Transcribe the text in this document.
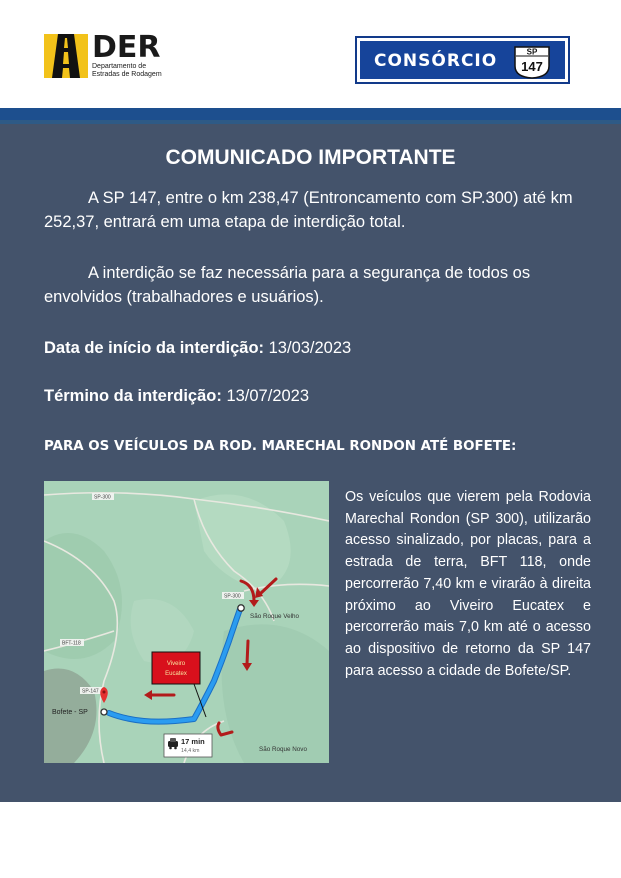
DER
Departamento de Estradas de Rodagem
CONSÓRCIO	SP
147
COMUNICADO IMPORTANTE

A SP 147, entre o km 238,47 (Entroncamento com SP.300) até km 252,37, entrará em uma etapa de interdição total.

A interdição se faz necessária para a segurança de todos os envolvidos (trabalhadores e usuários).

Data de início da interdição: 13/03/2023
Término da interdição: 13/07/2023
PARA OS VEÍCULOS DA ROD. MARECHAL RONDON ATÉ BOFETE:
SP-300
SP-300
BFT-118
SP-147
São Roque Velho
Bofete - SP
São Roque Novo
Viveiro
Eucatex
17 min
14,4 km

Os veículos que vierem pela Rodovia Marechal Rondon (SP 300), utilizarão acesso sinalizado, por placas, para a estrada de terra, BFT 118, onde percorrerão 7,40 km e virarão à direita próximo ao Viveiro Eucatex e percorrerão mais 7,0 km até o acesso ao dispositivo de retorno da SP 147 para acesso a cidade de Bofete/SP.
